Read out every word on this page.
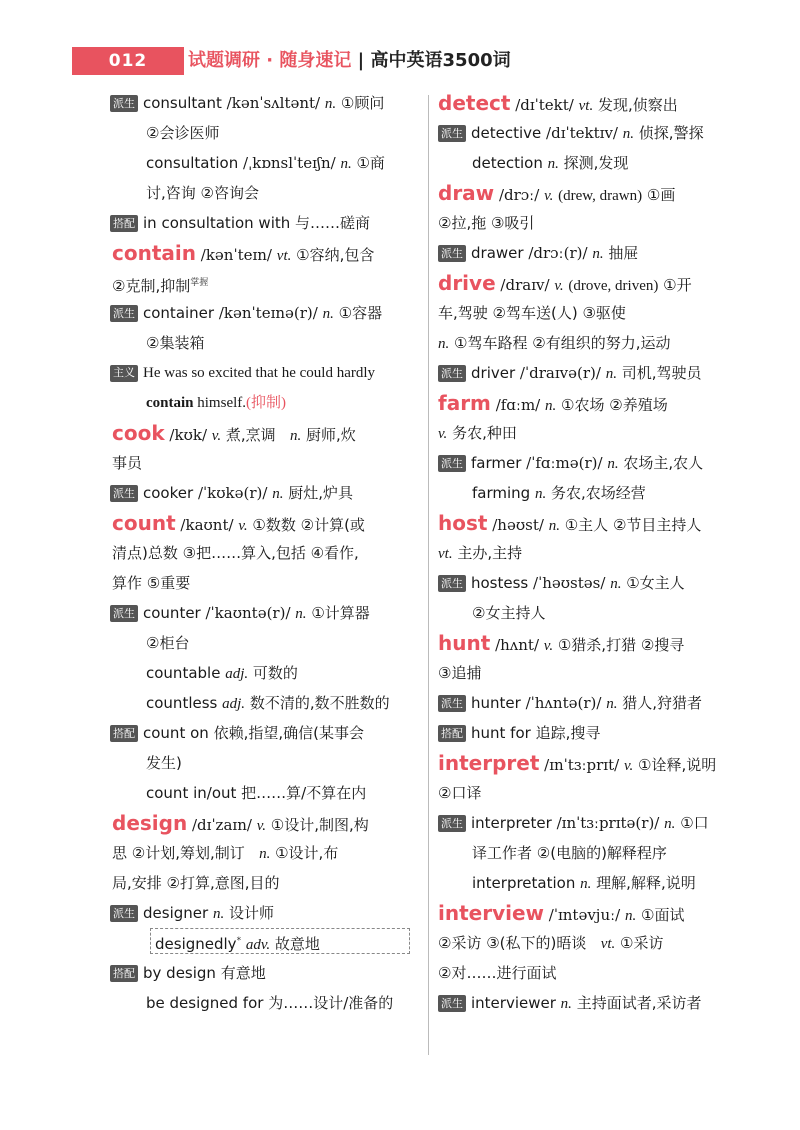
012	试题调研 · 随身速记 | 高中英语3500词
派生 consultant /kənˈsʌltənt/ n. ①顾问
②会诊医师
consultation /ˌkɒnslˈteɪʃn/ n. ①商
讨,咨询 ②咨询会
搭配 in consultation with 与……磋商
contain /kənˈteɪn/ vt. ①容纳,包含
②克制,抑制$^{掌握}$
派生 container /kənˈteɪnə(r)/ n. ①容器
②集装箱
主义 He was so excited that he could hardly
contain himself.(抑制)
cook /kʊk/ v. 煮,烹调 n. 厨师,炊
事员
派生 cooker /ˈkʊkə(r)/ n. 厨灶,炉具
count /kaʊnt/ v. ①数数 ②计算(或
清点)总数 ③把……算入,包括 ④看作,
算作 ⑤重要
派生 counter /ˈkaʊntə(r)/ n. ①计算器
②柜台
countable adj. 可数的
countless adj. 数不清的,数不胜数的
搭配 count on 依赖,指望,确信(某事会
发生)
count in/out 把……算/不算在内
design /dɪˈzaɪn/ v. ①设计,制图,构
思 ②计划,筹划,制订 n. ①设计,布
局,安排 ②打算,意图,目的
派生 designer n. 设计师
designedly* adv. 故意地
搭配 by design 有意地
be designed for 为……设计/准备的
detect /dɪˈtekt/ vt. 发现,侦察出
派生 detective /dɪˈtektɪv/ n. 侦探,警探
detection n. 探测,发现
draw /drɔː/ v. (drew, drawn) ①画
②拉,拖 ③吸引
派生 drawer /drɔː(r)/ n. 抽屉
drive /draɪv/ v. (drove, driven) ①开
车,驾驶 ②驾车送(人) ③驱使
n. ①驾车路程 ②有组织的努力,运动
派生 driver /ˈdraɪvə(r)/ n. 司机,驾驶员
farm /fɑːm/ n. ①农场 ②养殖场
v. 务农,种田
派生 farmer /ˈfɑːmə(r)/ n. 农场主,农人
farming n. 务农,农场经营
host /həʊst/ n. ①主人 ②节目主持人
vt. 主办,主持
派生 hostess /ˈhəʊstəs/ n. ①女主人
②女主持人
hunt /hʌnt/ v. ①猎杀,打猎 ②搜寻
③追捕
派生 hunter /ˈhʌntə(r)/ n. 猎人,狩猎者
搭配 hunt for 追踪,搜寻
interpret /ɪnˈtɜːprɪt/ v. ①诠释,说明
②口译
派生 interpreter /ɪnˈtɜːprɪtə(r)/ n. ①口
译工作者 ②(电脑的)解释程序
interpretation n. 理解,解释,说明
interview /ˈɪntəvjuː/ n. ①面试
②采访 ③(私下的)晤谈 vt. ①采访
②对……进行面试
派生 interviewer n. 主持面试者,采访者
